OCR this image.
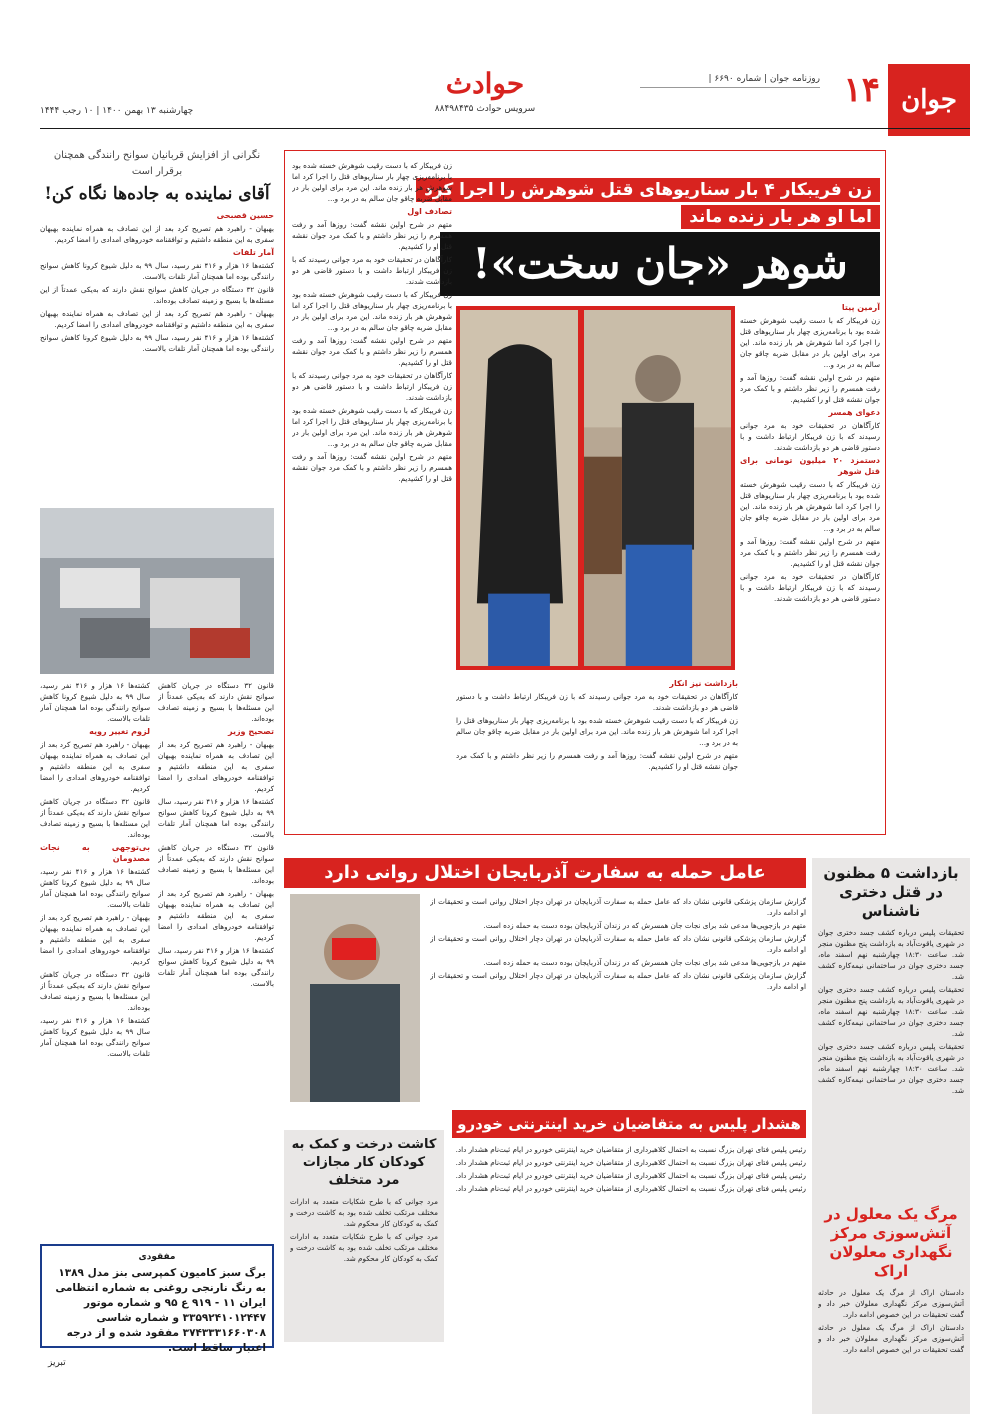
جوان
۱۴
روزنامه جوان | شماره ۶۶۹۰ |
حوادث
سرویس حوادث ۸۸۴۹۸۴۳۵
چهارشنبه ۱۳ بهمن ۱۴۰۰ | ۱۰ رجب ۱۴۴۴
زن فریبکار ۴ بار سناریوهای قتل شوهرش را اجرا کرد
اما او هر بار زنده ماند
شوهر «جان سخت»!
آرمین پیتا

زن فریبکار که با دست رقیب شوهرش خسته شده بود با برنامه‌ریزی چهار بار سناریوهای قتل را اجرا کرد اما شوهرش هر بار زنده ماند. این مرد برای اولین بار در مقابل ضربه چاقو جان سالم به در برد و...

متهم در شرح اولین نقشه گفت: روزها آمد و رفت همسرم را زیر نظر داشتم و با کمک مرد جوان نقشه قتل او را کشیدیم.

دعوای همسر

کارآگاهان در تحقیقات خود به مرد جوانی رسیدند که با زن فریبکار ارتباط داشت و با دستور قاضی هر دو بازداشت شدند.

دستمزد ۲۰ میلیون تومانی برای قتل شوهر

زن فریبکار که با دست رقیب شوهرش خسته شده بود با برنامه‌ریزی چهار بار سناریوهای قتل را اجرا کرد اما شوهرش هر بار زنده ماند. این مرد برای اولین بار در مقابل ضربه چاقو جان سالم به در برد و...

متهم در شرح اولین نقشه گفت: روزها آمد و رفت همسرم را زیر نظر داشتم و با کمک مرد جوان نقشه قتل او را کشیدیم.

کارآگاهان در تحقیقات خود به مرد جوانی رسیدند که با زن فریبکار ارتباط داشت و با دستور قاضی هر دو بازداشت شدند.

زن فریبکار که با دست رقیب شوهرش خسته شده بود با برنامه‌ریزی چهار بار سناریوهای قتل را اجرا کرد اما شوهرش هر بار زنده ماند. این مرد برای اولین بار در مقابل ضربه چاقو جان سالم به در برد و...

تصادف اول

متهم در شرح اولین نقشه گفت: روزها آمد و رفت همسرم را زیر نظر داشتم و با کمک مرد جوان نقشه قتل او را کشیدیم.

کارآگاهان در تحقیقات خود به مرد جوانی رسیدند که با زن فریبکار ارتباط داشت و با دستور قاضی هر دو بازداشت شدند.

زن فریبکار که با دست رقیب شوهرش خسته شده بود با برنامه‌ریزی چهار بار سناریوهای قتل را اجرا کرد اما شوهرش هر بار زنده ماند. این مرد برای اولین بار در مقابل ضربه چاقو جان سالم به در برد و...

متهم در شرح اولین نقشه گفت: روزها آمد و رفت همسرم را زیر نظر داشتم و با کمک مرد جوان نقشه قتل او را کشیدیم.

کارآگاهان در تحقیقات خود به مرد جوانی رسیدند که با زن فریبکار ارتباط داشت و با دستور قاضی هر دو بازداشت شدند.

زن فریبکار که با دست رقیب شوهرش خسته شده بود با برنامه‌ریزی چهار بار سناریوهای قتل را اجرا کرد اما شوهرش هر بار زنده ماند. این مرد برای اولین بار در مقابل ضربه چاقو جان سالم به در برد و...

متهم در شرح اولین نقشه گفت: روزها آمد و رفت همسرم را زیر نظر داشتم و با کمک مرد جوان نقشه قتل او را کشیدیم.

بازداشت نیز انکار

کارآگاهان در تحقیقات خود به مرد جوانی رسیدند که با زن فریبکار ارتباط داشت و با دستور قاضی هر دو بازداشت شدند.

زن فریبکار که با دست رقیب شوهرش خسته شده بود با برنامه‌ریزی چهار بار سناریوهای قتل را اجرا کرد اما شوهرش هر بار زنده ماند. این مرد برای اولین بار در مقابل ضربه چاقو جان سالم به در برد و...

متهم در شرح اولین نقشه گفت: روزها آمد و رفت همسرم را زیر نظر داشتم و با کمک مرد جوان نقشه قتل او را کشیدیم.

نگرانی از افزایش قربانیان سوانح رانندگی همچنان برقرار است
آقای نماینده به جاده‌ها نگاه کن!
حسین قصبحی

بهبهان - راهبرد هم تصریح کرد بعد از این تصادف به همراه نماینده بهبهان سفری به این منطقه داشتیم و توافقنامه خودروهای امدادی را امضا کردیم.

آمار تلفات

کشته‌ها ۱۶ هزار و ۴۱۶ نفر رسید، سال ۹۹ به دلیل شیوع کرونا کاهش سوانح رانندگی بوده اما همچنان آمار تلفات بالاست.

قانون ۳۲ دستگاه در جریان کاهش سوانح نقش دارند که به‌یکی عمدتاً از این مسئله‌ها با بسیج و زمینه تصادف بوده‌اند.

بهبهان - راهبرد هم تصریح کرد بعد از این تصادف به همراه نماینده بهبهان سفری به این منطقه داشتیم و توافقنامه خودروهای امدادی را امضا کردیم.

کشته‌ها ۱۶ هزار و ۴۱۶ نفر رسید، سال ۹۹ به دلیل شیوع کرونا کاهش سوانح رانندگی بوده اما همچنان آمار تلفات بالاست.

کشته‌ها ۱۶ هزار و ۴۱۶ نفر رسید، سال ۹۹ به دلیل شیوع کرونا کاهش سوانح رانندگی بوده اما همچنان آمار تلفات بالاست.

لزوم تغییر رویه

بهبهان - راهبرد هم تصریح کرد بعد از این تصادف به همراه نماینده بهبهان سفری به این منطقه داشتیم و توافقنامه خودروهای امدادی را امضا کردیم.

قانون ۳۲ دستگاه در جریان کاهش سوانح نقش دارند که به‌یکی عمدتاً از این مسئله‌ها با بسیج و زمینه تصادف بوده‌اند.

بی‌توجهی به نجات مصدومان

کشته‌ها ۱۶ هزار و ۴۱۶ نفر رسید، سال ۹۹ به دلیل شیوع کرونا کاهش سوانح رانندگی بوده اما همچنان آمار تلفات بالاست.

بهبهان - راهبرد هم تصریح کرد بعد از این تصادف به همراه نماینده بهبهان سفری به این منطقه داشتیم و توافقنامه خودروهای امدادی را امضا کردیم.

قانون ۳۲ دستگاه در جریان کاهش سوانح نقش دارند که به‌یکی عمدتاً از این مسئله‌ها با بسیج و زمینه تصادف بوده‌اند.

کشته‌ها ۱۶ هزار و ۴۱۶ نفر رسید، سال ۹۹ به دلیل شیوع کرونا کاهش سوانح رانندگی بوده اما همچنان آمار تلفات بالاست.

قانون ۳۲ دستگاه در جریان کاهش سوانح نقش دارند که به‌یکی عمدتاً از این مسئله‌ها با بسیج و زمینه تصادف بوده‌اند.

تصحیح وزیر

بهبهان - راهبرد هم تصریح کرد بعد از این تصادف به همراه نماینده بهبهان سفری به این منطقه داشتیم و توافقنامه خودروهای امدادی را امضا کردیم.

کشته‌ها ۱۶ هزار و ۴۱۶ نفر رسید، سال ۹۹ به دلیل شیوع کرونا کاهش سوانح رانندگی بوده اما همچنان آمار تلفات بالاست.

قانون ۳۲ دستگاه در جریان کاهش سوانح نقش دارند که به‌یکی عمدتاً از این مسئله‌ها با بسیج و زمینه تصادف بوده‌اند.

بهبهان - راهبرد هم تصریح کرد بعد از این تصادف به همراه نماینده بهبهان سفری به این منطقه داشتیم و توافقنامه خودروهای امدادی را امضا کردیم.

کشته‌ها ۱۶ هزار و ۴۱۶ نفر رسید، سال ۹۹ به دلیل شیوع کرونا کاهش سوانح رانندگی بوده اما همچنان آمار تلفات بالاست.

مفقودی
برگ سبز کامیون کمپرسی بنز مدل ۱۳۸۹ به رنگ نارنجی روغنی به شماره انتظامی ایران ۱۱ - ۹۱۹ ع ۹۵ و شماره موتور ۳۳۵۹۲۴۱۰۱۲۴۴۷ و شماره شاسی ۳۷۴۳۳۳۱۶۶۰۳۰۸ مفقود شده و از درجه اعتبار ساقط است.
تبریز
عامل حمله به سفارت آذربایجان اختلال روانی دارد

گزارش سازمان پزشکی قانونی نشان داد که عامل حمله به سفارت آذربایجان در تهران دچار اختلال روانی است و تحقیقات از او ادامه دارد.

متهم در بازجویی‌ها مدعی شد برای نجات جان همسرش که در زندان آذربایجان بوده دست به حمله زده است.

گزارش سازمان پزشکی قانونی نشان داد که عامل حمله به سفارت آذربایجان در تهران دچار اختلال روانی است و تحقیقات از او ادامه دارد.

متهم در بازجویی‌ها مدعی شد برای نجات جان همسرش که در زندان آذربایجان بوده دست به حمله زده است.

گزارش سازمان پزشکی قانونی نشان داد که عامل حمله به سفارت آذربایجان در تهران دچار اختلال روانی است و تحقیقات از او ادامه دارد.

بازداشت ۵ مظنون در قتل دختری ناشناس

تحقیقات پلیس درباره کشف جسد دختری جوان در شهری یاقوت‌آباد به بازداشت پنج مظنون منجر شد. ساعت ۱۸:۳۰ چهارشنبه نهم اسفند ماه، جسد دختری جوان در ساختمانی نیمه‌کاره کشف شد.

تحقیقات پلیس درباره کشف جسد دختری جوان در شهری یاقوت‌آباد به بازداشت پنج مظنون منجر شد. ساعت ۱۸:۳۰ چهارشنبه نهم اسفند ماه، جسد دختری جوان در ساختمانی نیمه‌کاره کشف شد.

تحقیقات پلیس درباره کشف جسد دختری جوان در شهری یاقوت‌آباد به بازداشت پنج مظنون منجر شد. ساعت ۱۸:۳۰ چهارشنبه نهم اسفند ماه، جسد دختری جوان در ساختمانی نیمه‌کاره کشف شد.

مرگ یک معلول در آتش‌سوزی مرکز نگهداری معلولان اراک

دادستان اراک از مرگ یک معلول در حادثه آتش‌سوزی مرکز نگهداری معلولان خبر داد و گفت تحقیقات در این خصوص ادامه دارد.

دادستان اراک از مرگ یک معلول در حادثه آتش‌سوزی مرکز نگهداری معلولان خبر داد و گفت تحقیقات در این خصوص ادامه دارد.

هشدار پلیس به متقاضیان خرید اینترنتی خودرو

رئیس پلیس فتای تهران بزرگ نسبت به احتمال کلاهبرداری از متقاضیان خرید اینترنتی خودرو در ایام ثبت‌نام هشدار داد.

رئیس پلیس فتای تهران بزرگ نسبت به احتمال کلاهبرداری از متقاضیان خرید اینترنتی خودرو در ایام ثبت‌نام هشدار داد.

رئیس پلیس فتای تهران بزرگ نسبت به احتمال کلاهبرداری از متقاضیان خرید اینترنتی خودرو در ایام ثبت‌نام هشدار داد.

رئیس پلیس فتای تهران بزرگ نسبت به احتمال کلاهبرداری از متقاضیان خرید اینترنتی خودرو در ایام ثبت‌نام هشدار داد.

کاشت درخت و کمک به کودکان کار مجازات مرد متخلف

مرد جوانی که با طرح شکایات متعدد به ادارات مختلف مرتکب تخلف شده بود به کاشت درخت و کمک به کودکان کار محکوم شد.

مرد جوانی که با طرح شکایات متعدد به ادارات مختلف مرتکب تخلف شده بود به کاشت درخت و کمک به کودکان کار محکوم شد.
